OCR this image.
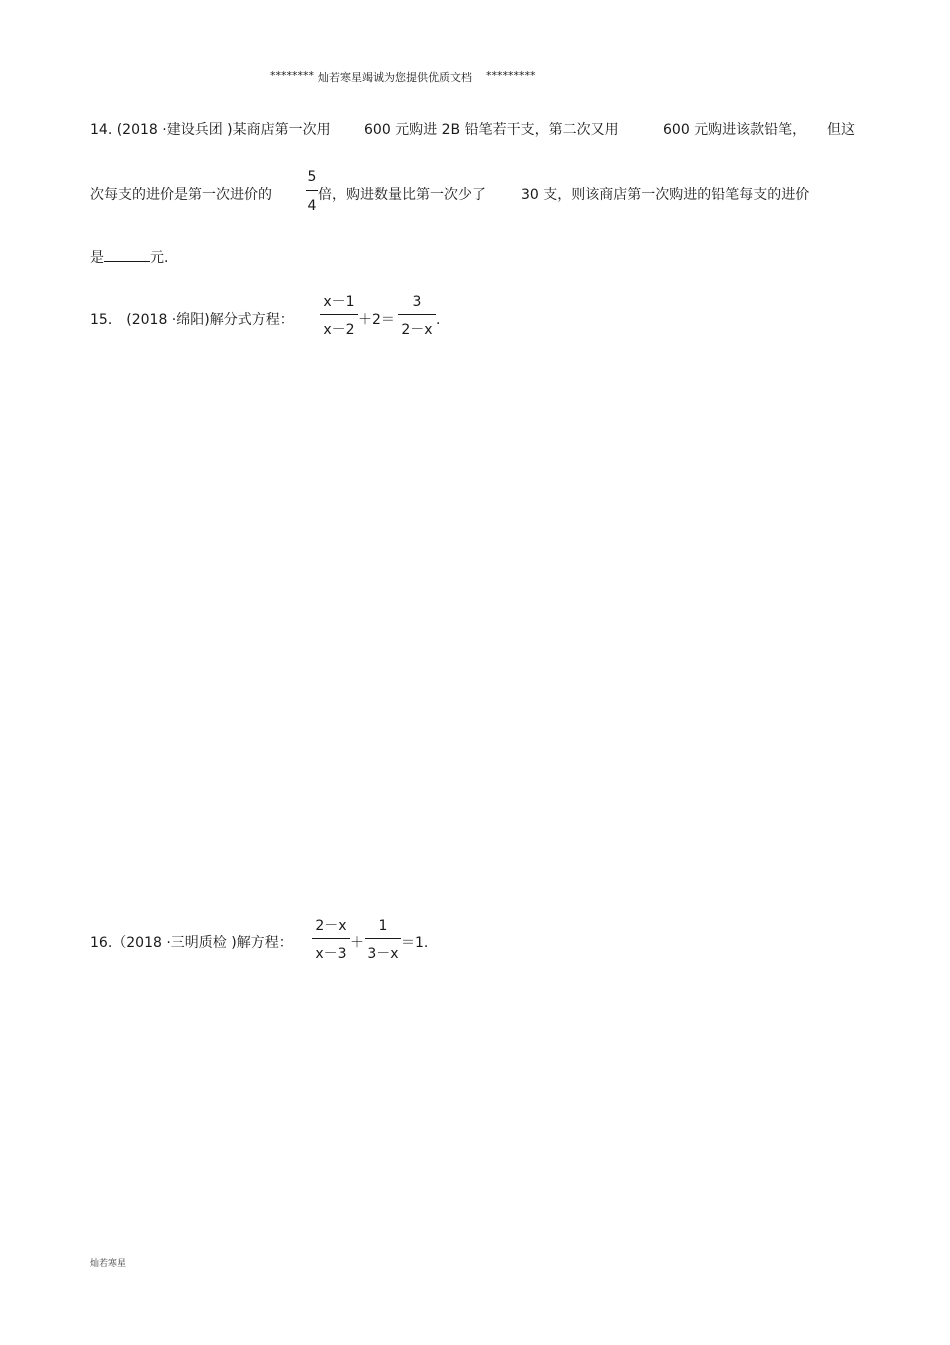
******** 灿若寒星竭诚为您提供优质文档 *********
14. (2018 ·建设兵团 )某商店第一次用 600 元购进 2B 铅笔若干支，第二次又用	600 元购进该款铅笔， 但这
次每支的进价是第一次进价的
5
4
倍，购进数量比第一次少了	30 支，则该商店第一次购进的铅笔每支的进价
是	元.
15． (2018 ·绵阳)解分式方程：
x－1
x－2
＋2＝
3
2－x
.
16.（2018 ·三明质检 )解方程：
2－x
x－3
＋
1
3－x
＝1.
灿若寒星
